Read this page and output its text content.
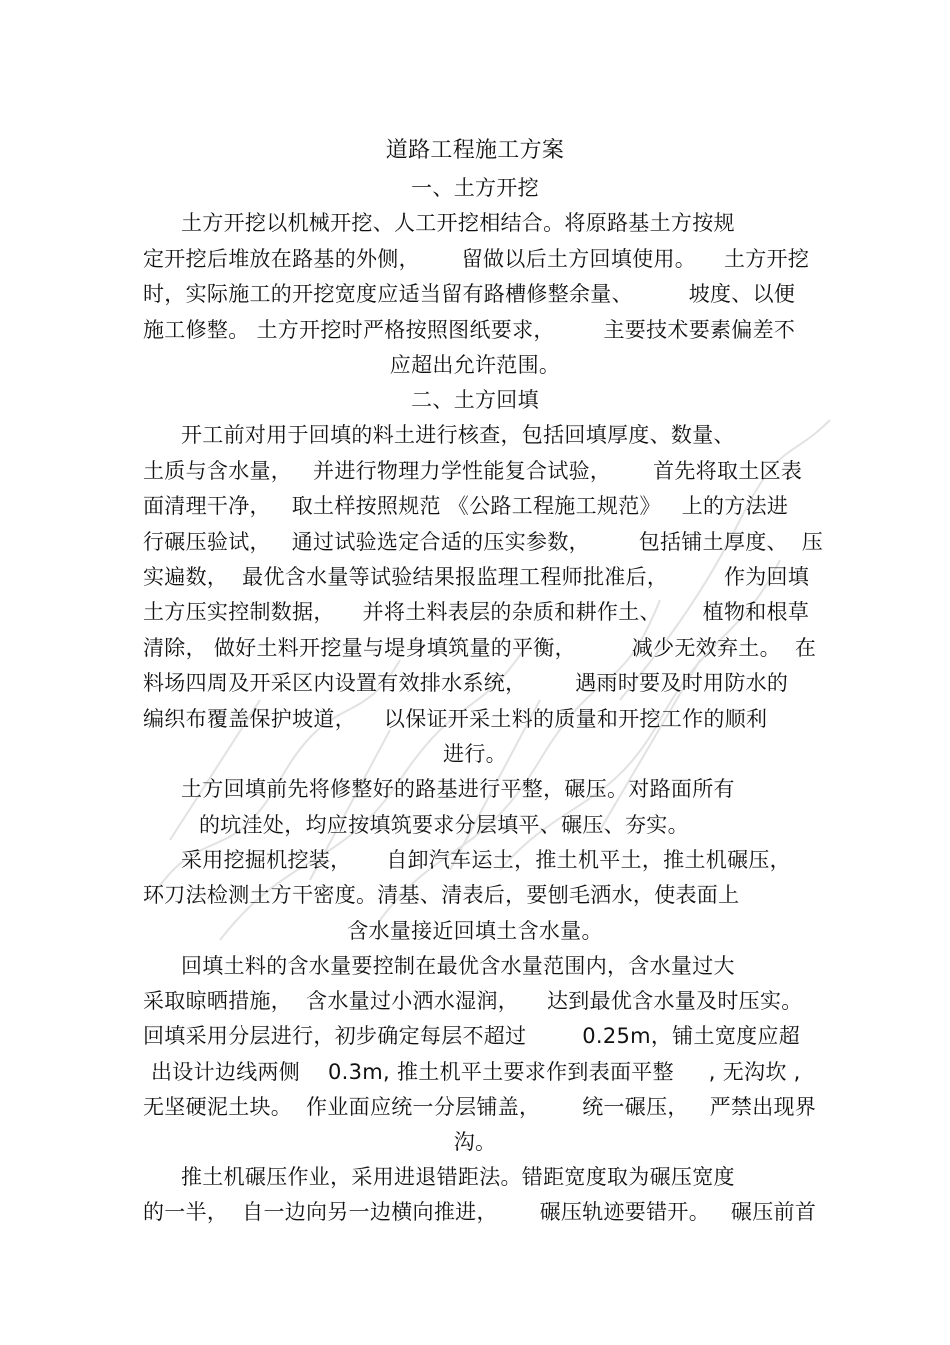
道路工程施工方案
一、土方开挖
土方开挖以机械开挖、人工开挖相结合。将原路基土方按规
定开挖后堆放在路基的外侧，      留做以后土方回填使用。    土方开挖
时，实际施工的开挖宽度应适当留有路槽修整余量、        坡度、以便
施工修整。 土方开挖时严格按照图纸要求，       主要技术要素偏差不
应超出允许范围。
二、土方回填
开工前对用于回填的料土进行核查，包括回填厚度、数量、
土质与含水量，   并进行物理力学性能复合试验，      首先将取土区表
面清理干净，   取土样按照规范 《公路工程施工规范》   上的方法进
行碾压验试，   通过试验选定合适的压实参数，       包括铺土厚度、  压
实遍数，  最优含水量等试验结果报监理工程师批准后，        作为回填
土方压实控制数据，    并将土料表层的杂质和耕作土、      植物和根草
清除， 做好土料开挖量与堤身填筑量的平衡，        减少无效弃土。  在
料场四周及开采区内设置有效排水系统，       遇雨时要及时用防水的
编织布覆盖保护坡道，    以保证开采土料的质量和开挖工作的顺利
进行。
土方回填前先将修整好的路基进行平整，碾压。对路面所有
的坑洼处，均应按填筑要求分层填平、碾压、夯实。
采用挖掘机挖装，     自卸汽车运土，推土机平土，推土机碾压，
环刀法检测土方干密度。清基、清表后，要刨毛洒水，使表面上
含水量接近回填土含水量。
回填土料的含水量要控制在最优含水量范围内，含水量过大
采取晾晒措施，  含水量过小洒水湿润，    达到最优含水量及时压实。
回填采用分层进行，初步确定每层不超过        0.25m，铺土宽度应超
出设计边线两侧    0.3m, 推土机平土要求作到表面平整     , 无沟坎 ,
无坚硬泥土块。  作业面应统一分层铺盖，      统一碾压，   严禁出现界
沟。
推土机碾压作业，采用进退错距法。错距宽度取为碾压宽度
的一半，  自一边向另一边横向推进，      碾压轨迹要错开。   碾压前首
